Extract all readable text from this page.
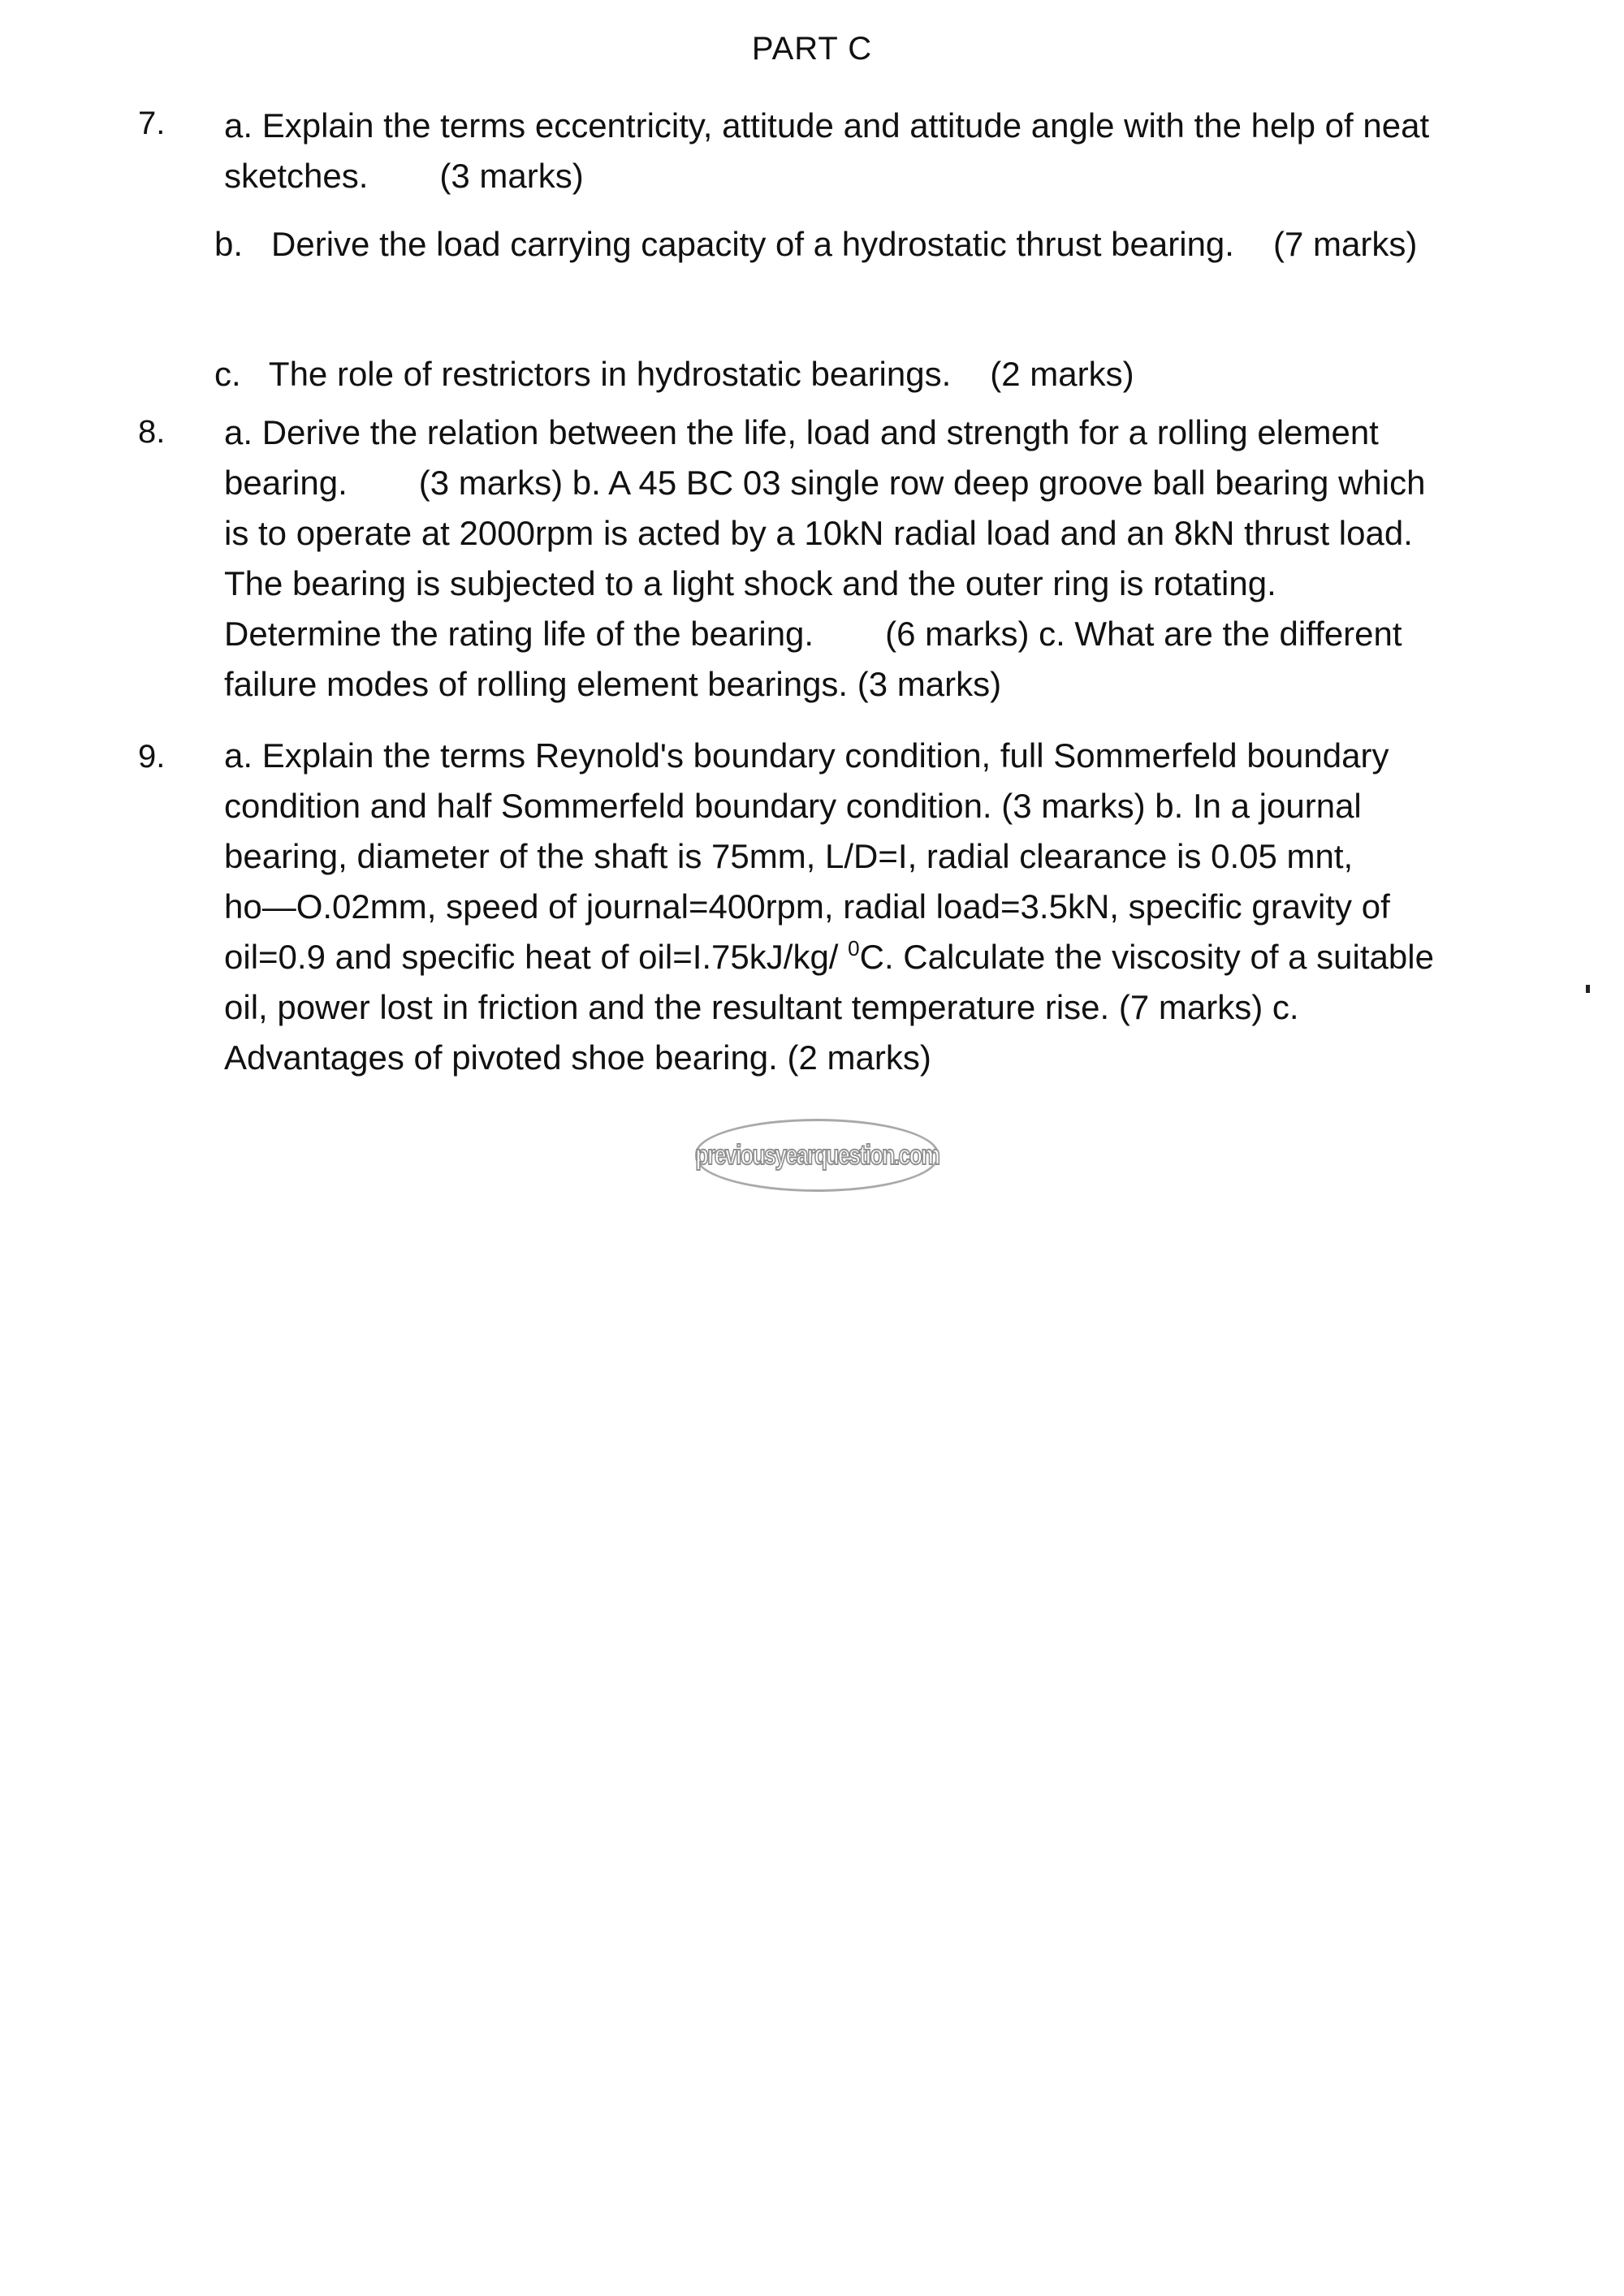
PART C
7. a. Explain the terms eccentricity, attitude and attitude angle with the help of neat
sketches. (3 marks)
b.   Derive the load carrying capacity of a hydrostatic thrust bearing. (7 marks)
c.   The role of restrictors in hydrostatic bearings. (2 marks)
8. a. Derive the relation between the life, load and strength for a rolling element
bearing. (3 marks) b. A 45 BC 03 single row deep groove ball bearing which
is to operate at 2000rpm is acted by a 10kN radial load and an 8kN thrust load.
The bearing is subjected to a light shock and the outer ring is rotating.
Determine the rating life of the bearing. (6 marks) c. What are the different
failure modes of rolling element bearings. (3 marks)
9. a. Explain the terms Reynold's boundary condition, full Sommerfeld boundary
condition and half Sommerfeld boundary condition. (3 marks) b. In a journal
bearing, diameter of the shaft is 75mm, L/D=I, radial clearance is 0.05 mnt,
ho—O.02mm, speed of journal=400rpm, radial load=3.5kN, specific gravity of
oil=0.9 and specific heat of oil=I.75kJ/kg/ $^0$C. Calculate the viscosity of a suitable
oil, power lost in friction and the resultant temperature rise. (7 marks) c.
Advantages of pivoted shoe bearing. (2 marks)
previousyearquestion.com
